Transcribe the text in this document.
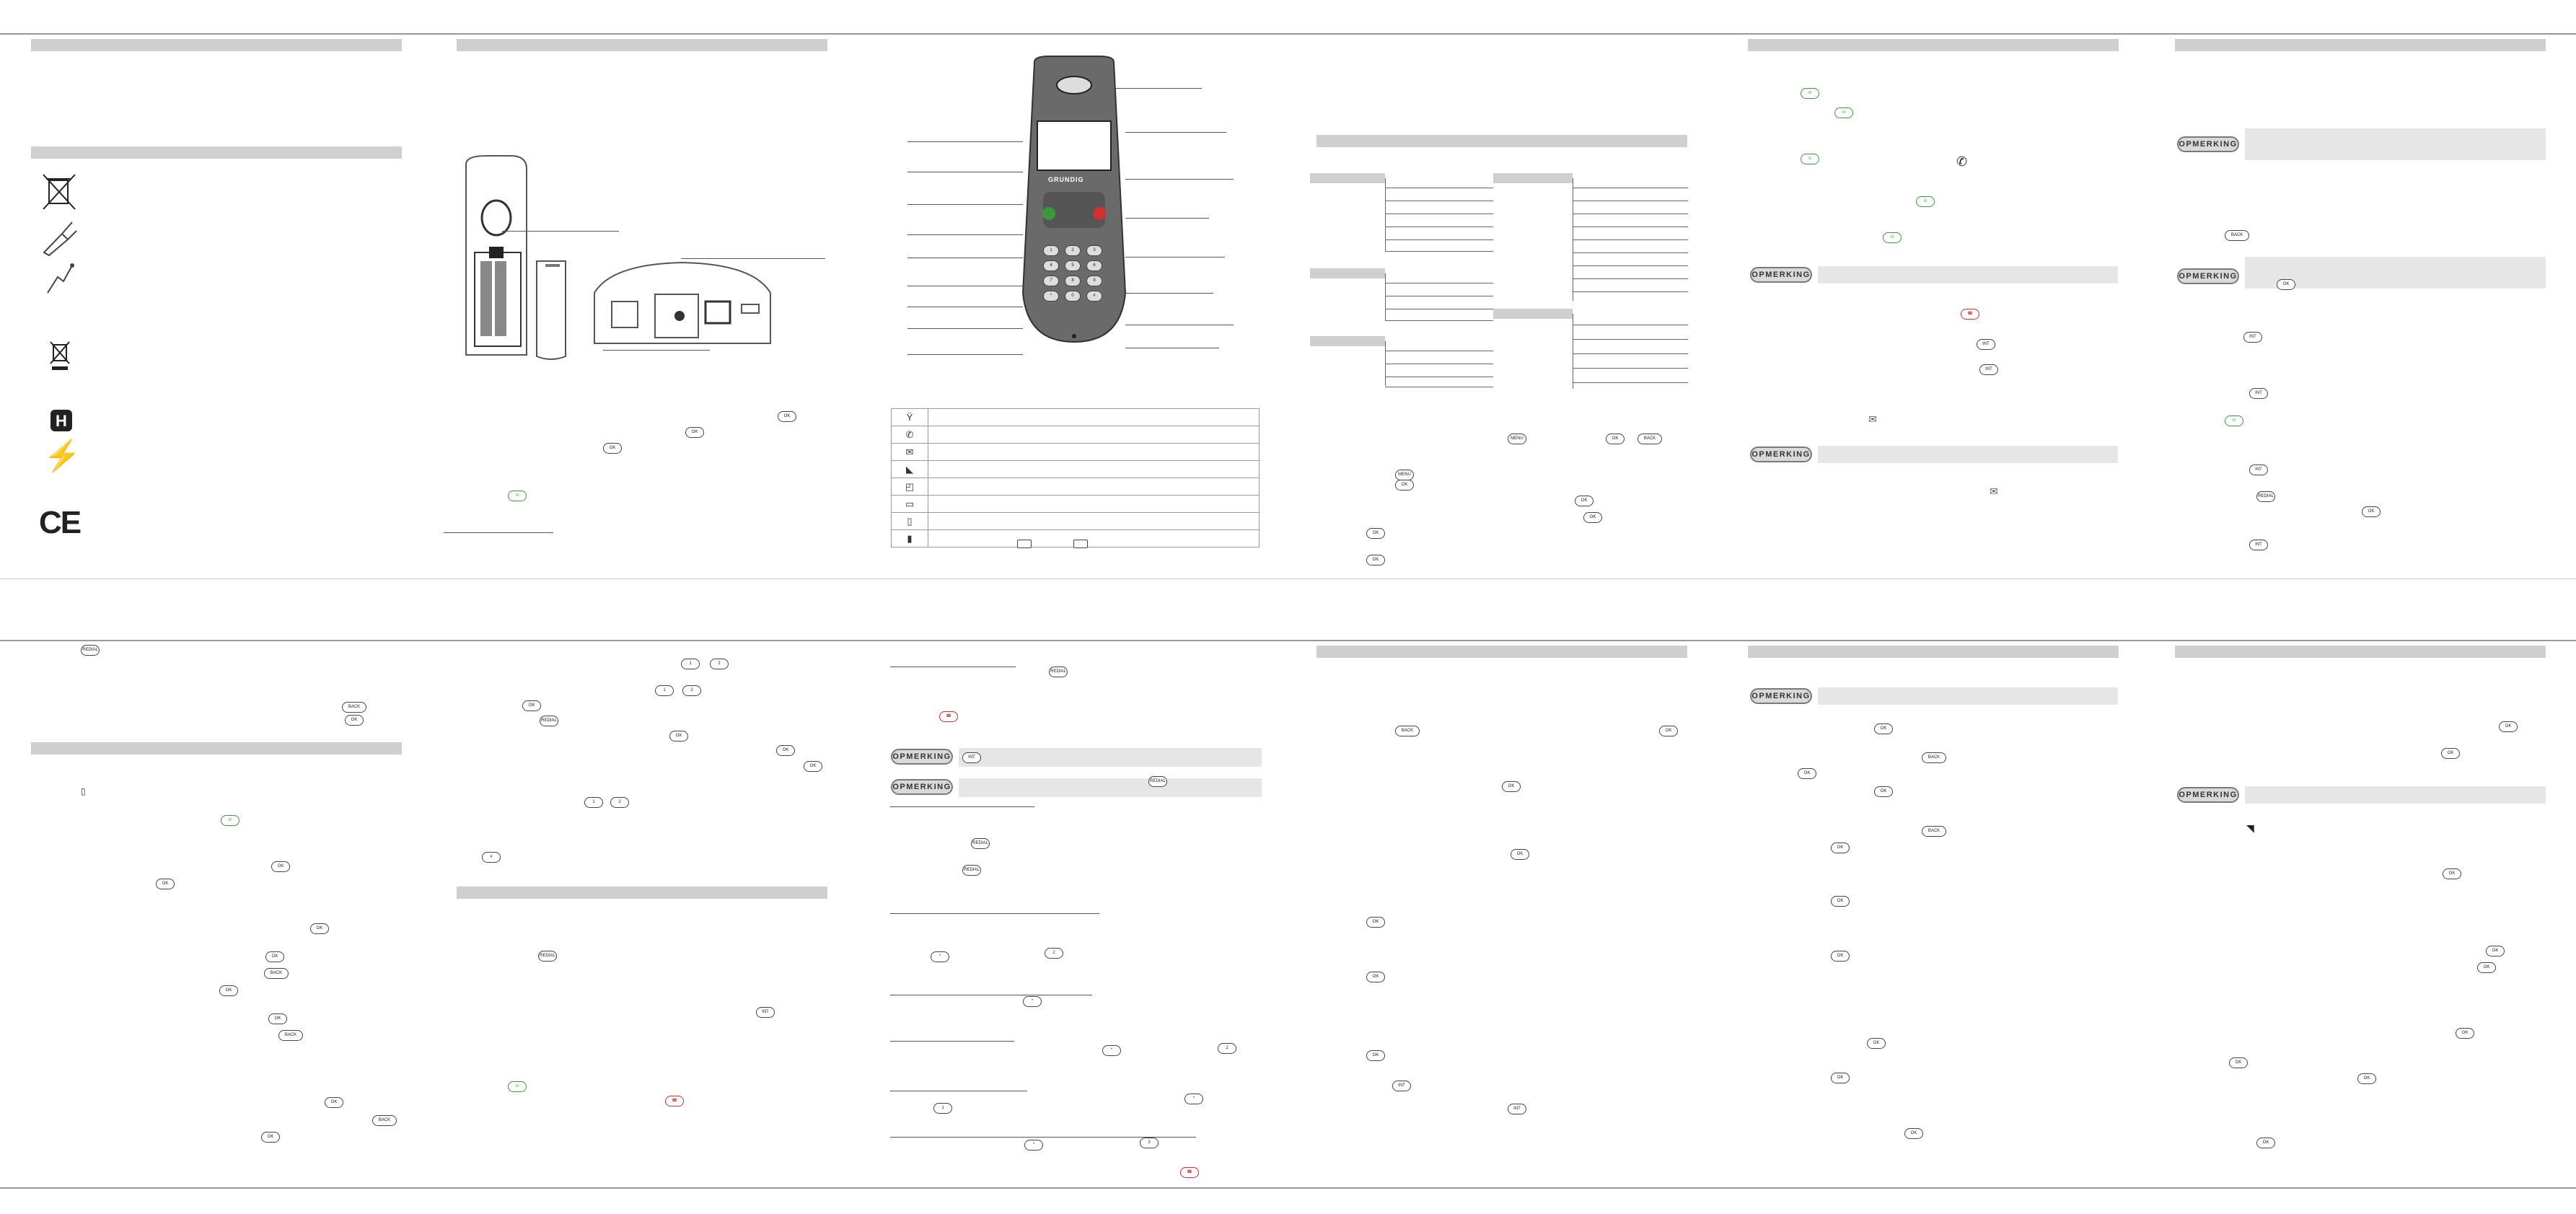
H
⚡
CE
OK
OK
OK
☏
GRUNDIG
1	2	3
4	5	6
7	8	9
*	0	#
Ÿ	
✆	
✉	
◣	
◰	
▭	
▯	
▮	
MENU	OK	BACK
MENU
OK
OK
OK
OK
OK
☏
☏
☏	✆
☏
☏
OPMERKING
☎
INT
INT
✉
OPMERKING
✉
OPMERKING
OPMERKING
BACK
OK
INT
INT
☏
INT
REDIAL
OK
INT
REDIAL
BACK
OK
▯
☏
OK
OK
OK
OK
BACK
OK
OK
BACK
OK
BACK
OK
1	2
1	2
OK
REDIAL
OK
OK
OK
1	2
#
REDIAL
INT
☏
☎
REDIAL
☎
OPMERKING	INT
OPMERKING
REDIAL
REDIAL
REDIAL
*
2
*
*	2
1
*
*	3
☎
BACK	OK
OK
OK
OK
OK
OK
INT
INT
OPMERKING
OK
BACK
OK
OK
BACK
OK
OK
OK
OK
OK
OK
OK
OK
OPMERKING
◥
OK
OK
OK
OK
OK
OK
OK
